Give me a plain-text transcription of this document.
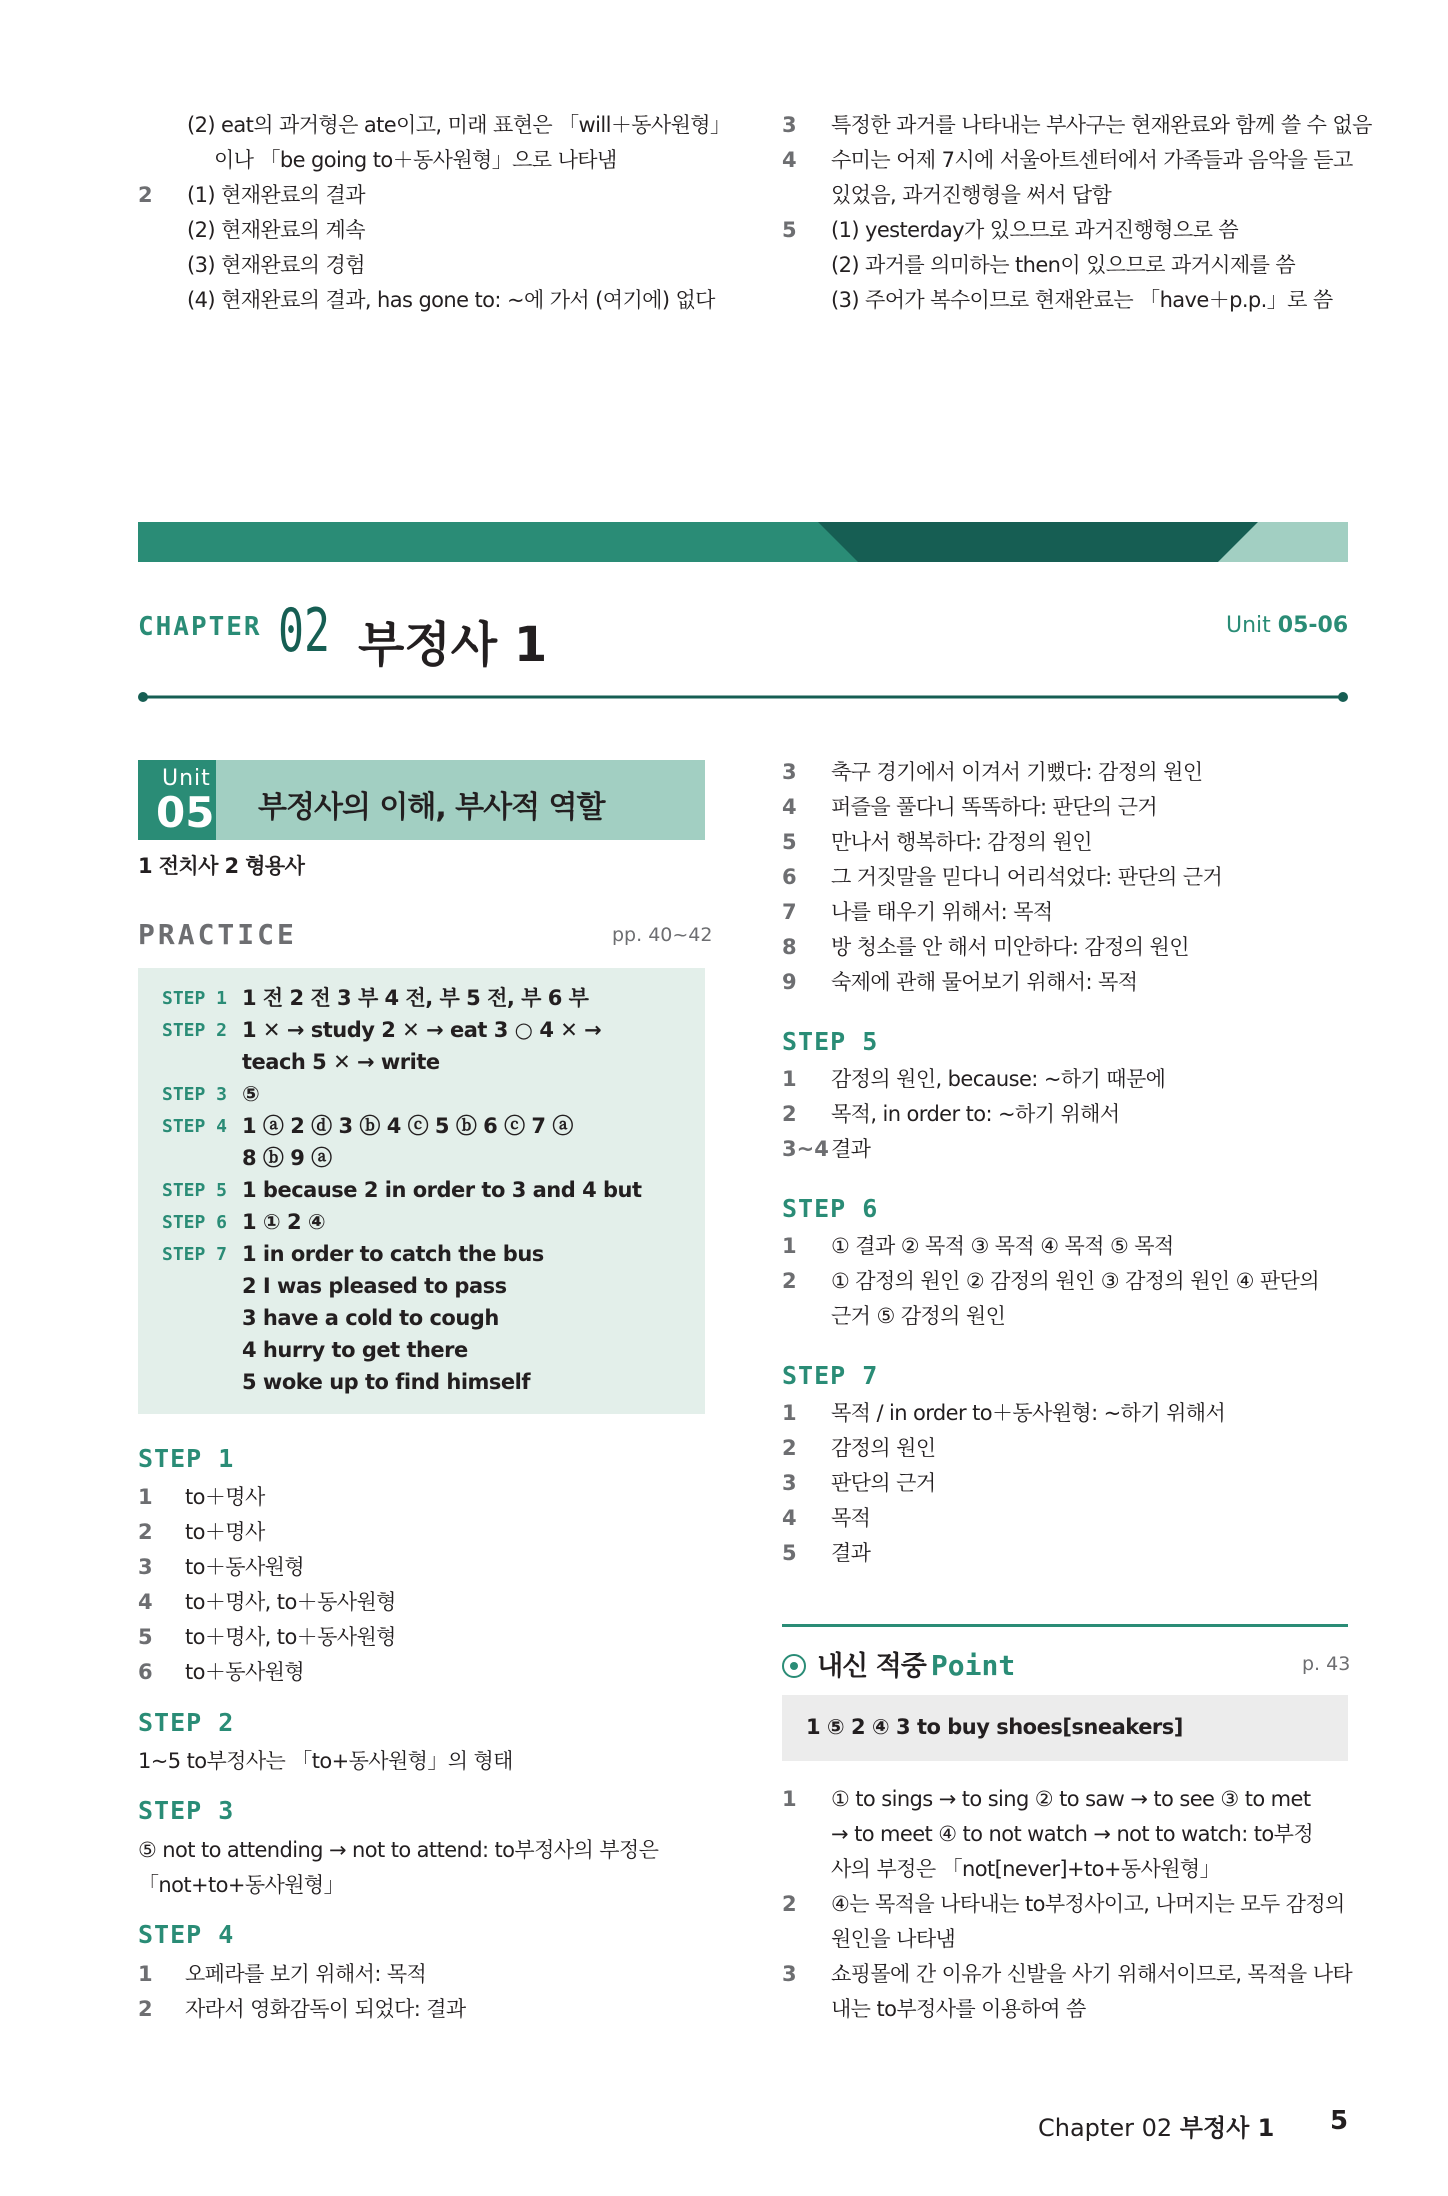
(2) eat의 과거형은 ate이고, 미래 표현은 「will＋동사원형」
이나 「be going to＋동사원형」으로 나타냄
2 (1) 현재완료의 결과
(2) 현재완료의 계속
(3) 현재완료의 경험
(4) 현재완료의 결과, has gone to: ~에 가서 (여기에) 없다
3 특정한 과거를 나타내는 부사구는 현재완료와 함께 쓸 수 없음
4 수미는 어제 7시에 서울아트센터에서 가족들과 음악을 듣고
있었음, 과거진행형을 써서 답함
5 (1) yesterday가 있으므로 과거진행형으로 씀
(2) 과거를 의미하는 then이 있으므로 과거시제를 씀
(3) 주어가 복수이므로 현재완료는 「have＋p.p.」로 씀
CHAPTER 02 부정사 1	Unit 05-06
Unit
05 부정사의 이해, 부사적 역할
1 전치사 2 형용사
PRACTICE	pp. 40~42
STEP 1 1 전 2 전 3 부 4 전, 부 5 전, 부 6 부
STEP 2 1 ✕ → study 2 ✕ → eat 3 ○ 4 ✕ →
teach 5 ✕ → write
STEP 3 ⑤
STEP 4 1 ⓐ 2 ⓓ 3 ⓑ 4 ⓒ 5 ⓑ 6 ⓒ 7 ⓐ
8 ⓑ 9 ⓐ
STEP 5 1 because 2 in order to 3 and 4 but
STEP 6 1 ① 2 ④
STEP 7 1 in order to catch the bus
2 I was pleased to pass
3 have a cold to cough
4 hurry to get there
5 woke up to find himself
STEP 1
1 to＋명사
2 to＋명사
3 to＋동사원형
4 to＋명사, to＋동사원형
5 to＋명사, to＋동사원형
6 to＋동사원형
STEP 2
1~5 to부정사는 「to+동사원형」의 형태
STEP 3
⑤ not to attending → not to attend: to부정사의 부정은
「not+to+동사원형」
STEP 4
1 오페라를 보기 위해서: 목적
2 자라서 영화감독이 되었다: 결과
3 축구 경기에서 이겨서 기뻤다: 감정의 원인
4 퍼즐을 풀다니 똑똑하다: 판단의 근거
5 만나서 행복하다: 감정의 원인
6 그 거짓말을 믿다니 어리석었다: 판단의 근거
7 나를 태우기 위해서: 목적
8 방 청소를 안 해서 미안하다: 감정의 원인
9 숙제에 관해 물어보기 위해서: 목적
STEP 5
1 감정의 원인, because: ~하기 때문에
2 목적, in order to: ~하기 위해서
3~4 결과
STEP 6
1 ① 결과 ② 목적 ③ 목적 ④ 목적 ⑤ 목적
2 ① 감정의 원인 ② 감정의 원인 ③ 감정의 원인 ④ 판단의
근거 ⑤ 감정의 원인
STEP 7
1 목적 / in order to＋동사원형: ~하기 위해서
2 감정의 원인
3 판단의 근거
4 목적
5 결과
내신 적중 Point	p. 43
1 ⑤ 2 ④ 3 to buy shoes[sneakers]
1 ① to sings → to sing ② to saw → to see ③ to met
→ to meet ④ to not watch → not to watch: to부정
사의 부정은 「not[never]+to+동사원형」
2 ④는 목적을 나타내는 to부정사이고, 나머지는 모두 감정의
원인을 나타냄
3 쇼핑몰에 간 이유가 신발을 사기 위해서이므로, 목적을 나타
내는 to부정사를 이용하여 씀
Chapter 02 부정사 1 5
